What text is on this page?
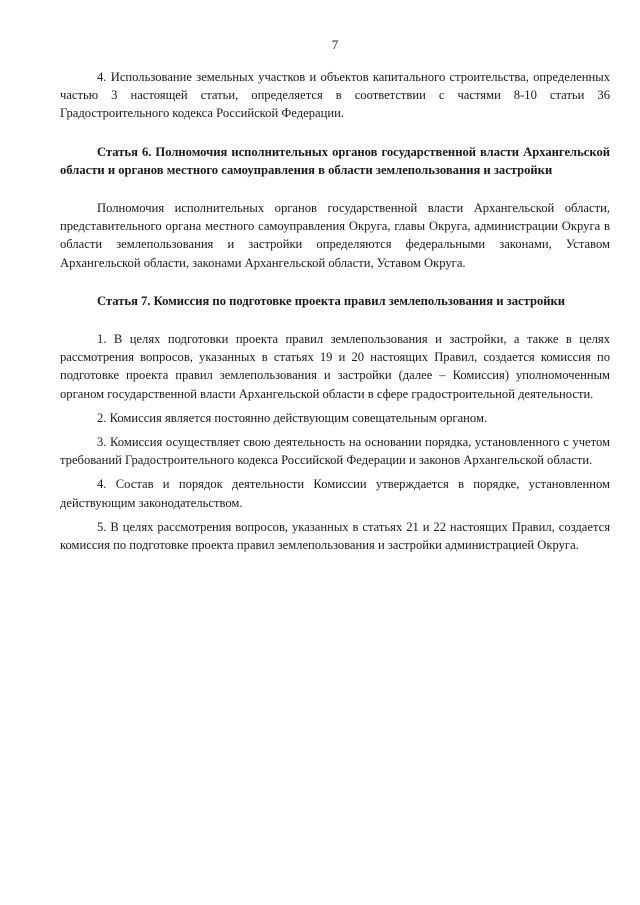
7

4. Использование земельных участков и объектов капитального строительства, определенных частью 3 настоящей статьи, определяется в соответствии с частями 8-10 статьи 36 Градостроительного кодекса Российской Федерации.

Статья 6. Полномочия исполнительных органов государственной власти Архангельской области и органов местного самоуправления в области землепользования и застройки

Полномочия исполнительных органов государственной власти Архангельской области, представительного органа местного самоуправления Округа, главы Округа, администрации Округа в области землепользования и застройки определяются федеральными законами, Уставом Архангельской области, законами Архангельской области, Уставом Округа.

Статья 7. Комиссия по подготовке проекта правил землепользования и застройки

1. В целях подготовки проекта правил землепользования и застройки, а также в целях рассмотрения вопросов, указанных в статьях 19 и 20 настоящих Правил, создается комиссия по подготовке проекта правил землепользования и застройки (далее – Комиссия) уполномоченным органом государственной власти Архангельской области в сфере градостроительной деятельности.

2. Комиссия является постоянно действующим совещательным органом.

3. Комиссия осуществляет свою деятельность на основании порядка, установленного с учетом требований Градостроительного кодекса Российской Федерации и законов Архангельской области.

4. Состав и порядок деятельности Комиссии утверждается в порядке, установленном действующим законодательством.

5. В целях рассмотрения вопросов, указанных в статьях 21 и 22 настоящих Правил, создается комиссия по подготовке проекта правил землепользования и застройки администрацией Округа.
